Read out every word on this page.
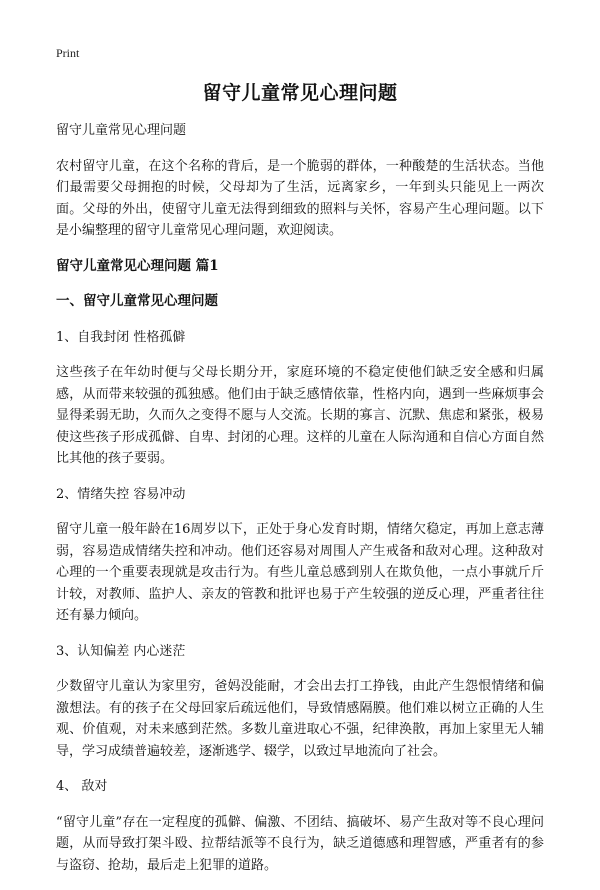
Print
留守儿童常见心理问题

留守儿童常见心理问题

农村留守儿童，在这个名称的背后，是一个脆弱的群体，一种酸楚的生活状态。当他们最需要父母拥抱的时候，父母却为了生活，远离家乡，一年到头只能见上一两次面。父母的外出，使留守儿童无法得到细致的照料与关怀，容易产生心理问题。以下是小编整理的留守儿童常见心理问题，欢迎阅读。

留守儿童常见心理问题 篇1
一、留守儿童常见心理问题

1、自我封闭 性格孤僻

这些孩子在年幼时便与父母长期分开，家庭环境的不稳定使他们缺乏安全感和归属感，从而带来较强的孤独感。他们由于缺乏感情依靠，性格内向，遇到一些麻烦事会显得柔弱无助，久而久之变得不愿与人交流。长期的寡言、沉默、焦虑和紧张，极易使这些孩子形成孤僻、自卑、封闭的心理。这样的儿童在人际沟通和自信心方面自然比其他的孩子要弱。

2、情绪失控 容易冲动

留守儿童一般年龄在16周岁以下，正处于身心发育时期，情绪欠稳定，再加上意志薄弱，容易造成情绪失控和冲动。他们还容易对周围人产生戒备和敌对心理。这种敌对心理的一个重要表现就是攻击行为。有些儿童总感到别人在欺负他，一点小事就斤斤计较，对教师、监护人、亲友的管教和批评也易于产生较强的逆反心理，严重者往往还有暴力倾向。

3、认知偏差 内心迷茫

少数留守儿童认为家里穷，爸妈没能耐，才会出去打工挣钱，由此产生怨恨情绪和偏激想法。有的孩子在父母回家后疏远他们，导致情感隔膜。他们难以树立正确的人生观、价值观，对未来感到茫然。多数儿童进取心不强，纪律涣散，再加上家里无人辅导，学习成绩普遍较差，逐渐逃学、辍学，以致过早地流向了社会。

4、 敌对

“留守儿童”存在一定程度的孤僻、偏激、不团结、搞破坏、易产生敌对等不良心理问题，从而导致打架斗殴、拉帮结派等不良行为，缺乏道德感和理智感，严重者有的参与盗窃、抢劫，最后走上犯罪的道路。
